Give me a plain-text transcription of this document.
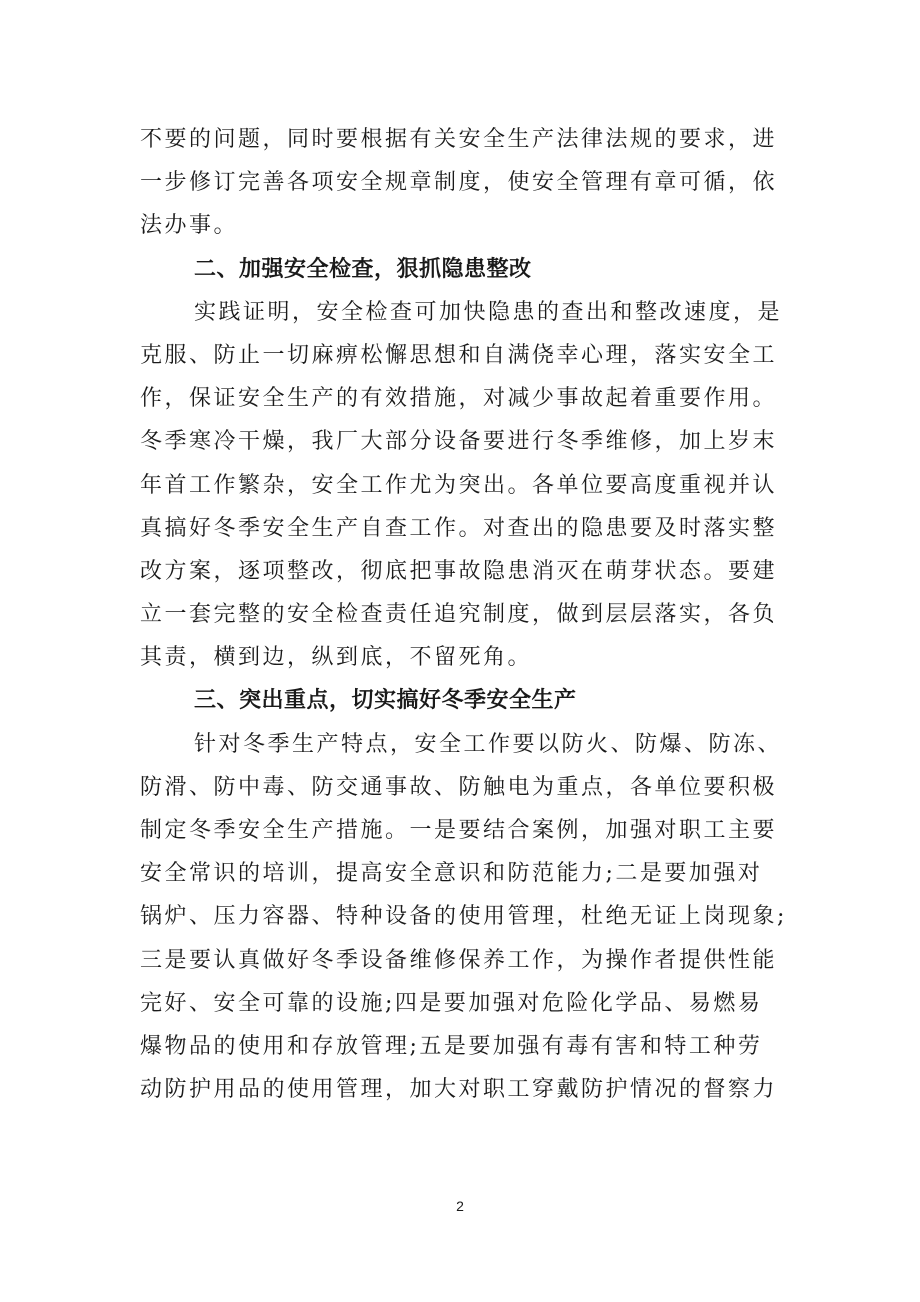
不要的问题，同时要根据有关安全生产法律法规的要求，进
一步修订完善各项安全规章制度，使安全管理有章可循，依
法办事。
二、加强安全检查，狠抓隐患整改
实践证明，安全检查可加快隐患的查出和整改速度，是
克服、防止一切麻痹松懈思想和自满侥幸心理，落实安全工
作，保证安全生产的有效措施，对减少事故起着重要作用。
冬季寒冷干燥，我厂大部分设备要进行冬季维修，加上岁末
年首工作繁杂，安全工作尤为突出。各单位要高度重视并认
真搞好冬季安全生产自查工作。对查出的隐患要及时落实整
改方案，逐项整改，彻底把事故隐患消灭在萌芽状态。要建
立一套完整的安全检查责任追究制度，做到层层落实，各负
其责，横到边，纵到底，不留死角。
三、突出重点，切实搞好冬季安全生产
针对冬季生产特点，安全工作要以防火、防爆、防冻、
防滑、防中毒、防交通事故、防触电为重点，各单位要积极
制定冬季安全生产措施。一是要结合案例，加强对职工主要
安全常识的培训，提高安全意识和防范能力;二是要加强对
锅炉、压力容器、特种设备的使用管理，杜绝无证上岗现象;
三是要认真做好冬季设备维修保养工作，为操作者提供性能
完好、安全可靠的设施;四是要加强对危险化学品、易燃易
爆物品的使用和存放管理;五是要加强有毒有害和特工种劳
动防护用品的使用管理，加大对职工穿戴防护情况的督察力
2
